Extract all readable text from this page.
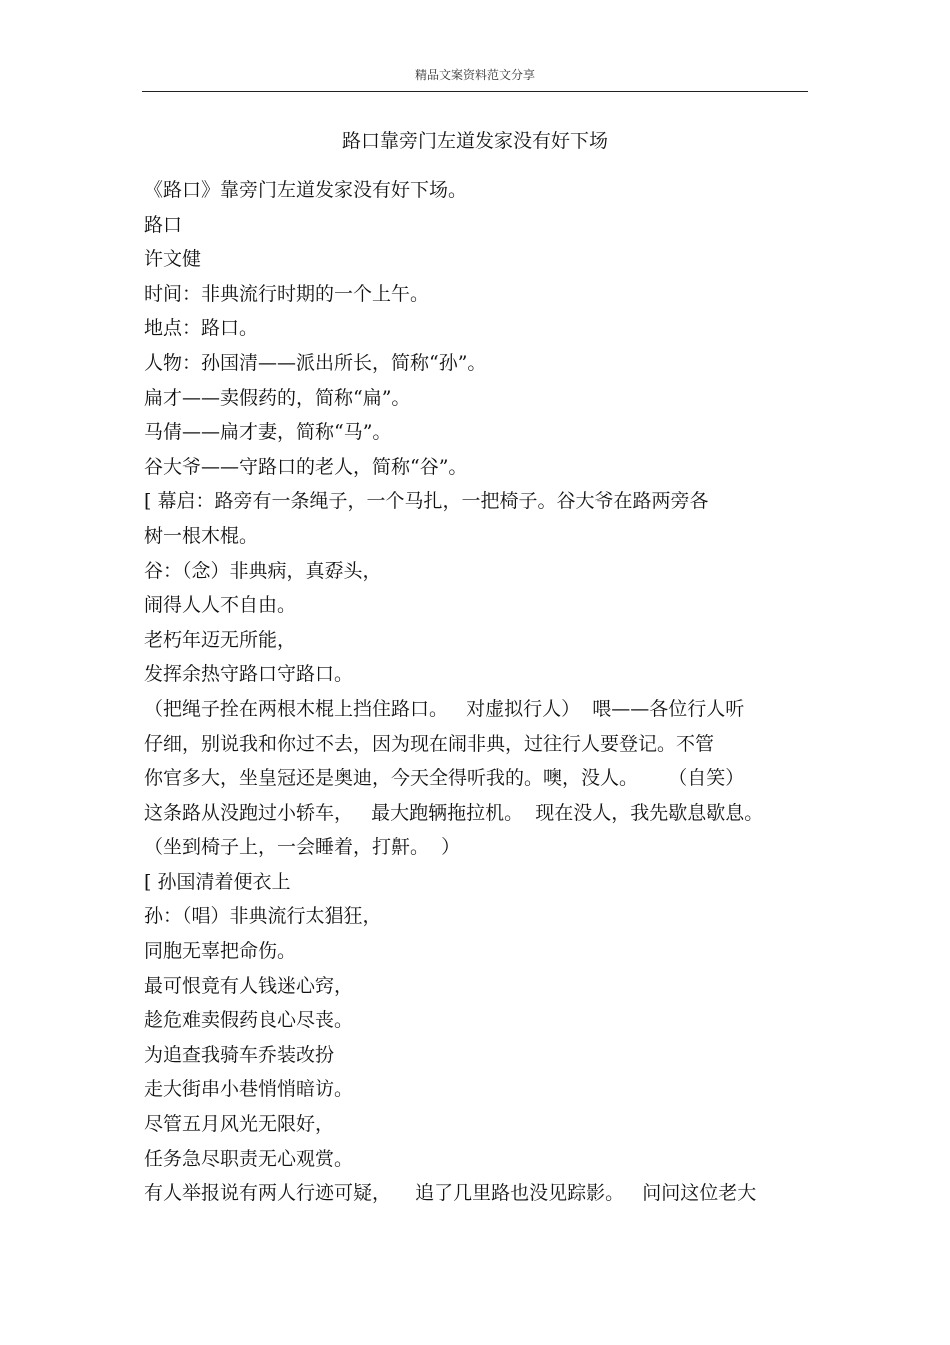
精品文案资料范文分享
路口靠旁门左道发家没有好下场
《路口》靠旁门左道发家没有好下场。
路口
许文健
时间：非典流行时期的一个上午。
地点：路口。
人物：孙国清——派出所长，简称“孙”。
扁才——卖假药的，简称“扁”。
马倩——扁才妻，简称“马”。
谷大爷——守路口的老人，简称“谷”。
[ 幕启：路旁有一条绳子，一个马扎，一把椅子。谷大爷在路两旁各
树一根木棍。
谷：（念）非典病，真孬头，
闹得人人不自由。
老朽年迈无所能，
发挥余热守路口守路口。
（把绳子拴在两根木棍上挡住路口。   对虚拟行人）  喂——各位行人听
仔细，别说我和你过不去，因为现在闹非典，过往行人要登记。不管
你官多大，坐皇冠还是奥迪，今天全得听我的。噢，没人。     （自笑）
这条路从没跑过小轿车，   最大跑辆拖拉机。  现在没人，我先歇息歇息。
（坐到椅子上，一会睡着，打鼾。  ）
[ 孙国清着便衣上
孙：（唱）非典流行太猖狂，
同胞无辜把命伤。
最可恨竟有人钱迷心窍，
趁危难卖假药良心尽丧。
为追查我骑车乔装改扮
走大街串小巷悄悄暗访。
尽管五月风光无限好，
任务急尽职责无心观赏。
有人举报说有两人行迹可疑，    追了几里路也没见踪影。   问问这位老大
